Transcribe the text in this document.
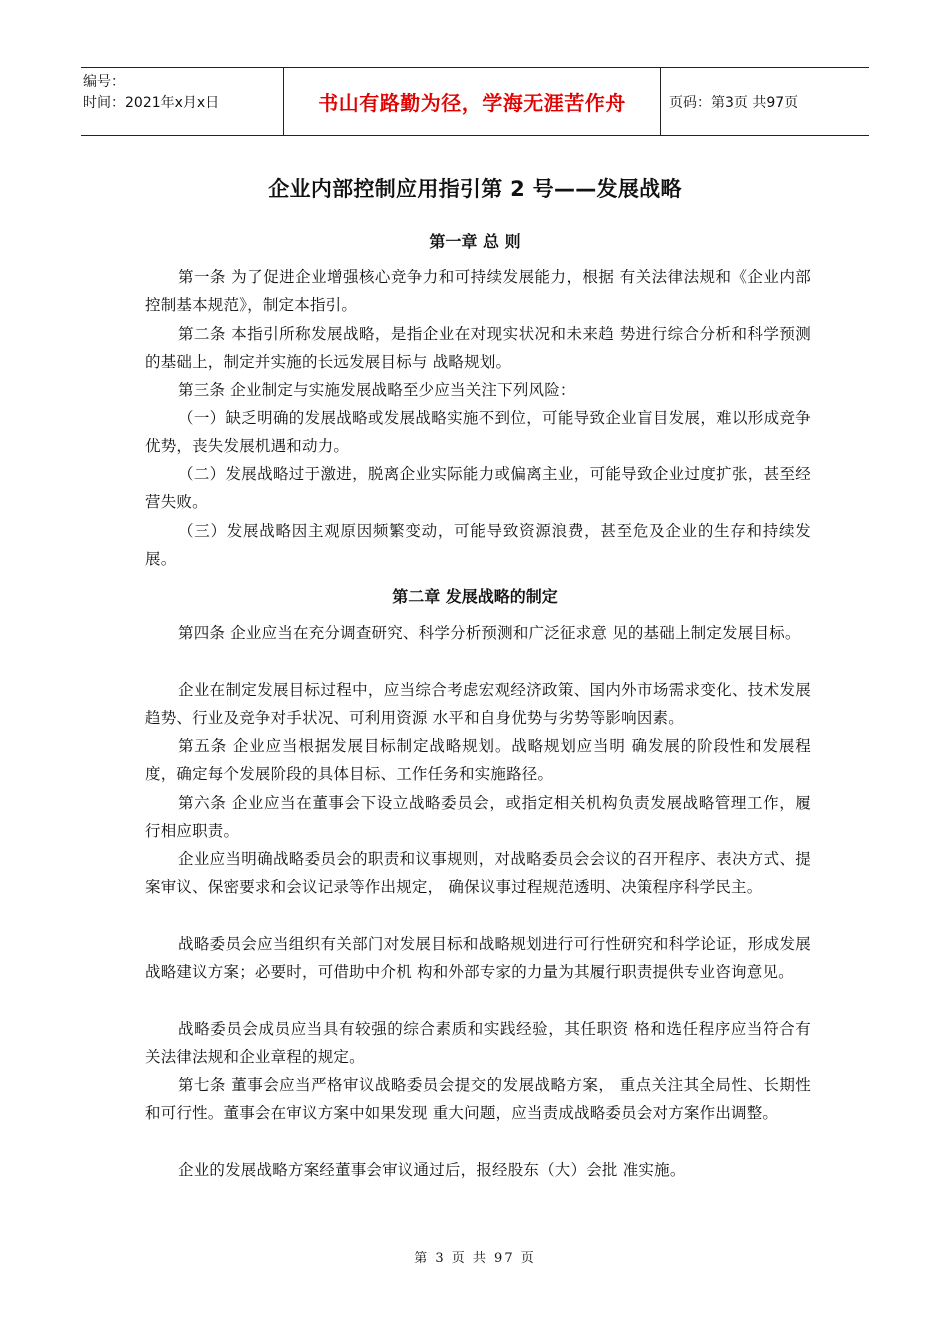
编号：
时间：2021年x月x日	书山有路勤为径，学海无涯苦作舟	页码：第3页 共97页
企业内部控制应用指引第 2 号——发展战略
第一章 总 则
第一条 为了促进企业增强核心竞争力和可持续发展能力，根据 有关法律法规和《企业内部控制基本规范》，制定本指引。
第二条 本指引所称发展战略，是指企业在对现实状况和未来趋 势进行综合分析和科学预测的基础上，制定并实施的长远发展目标与 战略规划。
第三条 企业制定与实施发展战略至少应当关注下列风险：
（一）缺乏明确的发展战略或发展战略实施不到位，可能导致企业盲目发展，难以形成竞争优势，丧失发展机遇和动力。
（二）发展战略过于激进，脱离企业实际能力或偏离主业，可能导致企业过度扩张，甚至经营失败。
（三）发展战略因主观原因频繁变动，可能导致资源浪费，甚至危及企业的生存和持续发展。
第二章 发展战略的制定
第四条 企业应当在充分调查研究、科学分析预测和广泛征求意 见的基础上制定发展目标。
企业在制定发展目标过程中，应当综合考虑宏观经济政策、国内外市场需求变化、技术发展趋势、行业及竞争对手状况、可利用资源 水平和自身优势与劣势等影响因素。
第五条 企业应当根据发展目标制定战略规划。战略规划应当明 确发展的阶段性和发展程度，确定每个发展阶段的具体目标、工作任务和实施路径。
第六条 企业应当在董事会下设立战略委员会，或指定相关机构负责发展战略管理工作，履行相应职责。
企业应当明确战略委员会的职责和议事规则，对战略委员会会议的召开程序、表决方式、提案审议、保密要求和会议记录等作出规定， 确保议事过程规范透明、决策程序科学民主。
战略委员会应当组织有关部门对发展目标和战略规划进行可行性研究和科学论证，形成发展战略建议方案；必要时，可借助中介机 构和外部专家的力量为其履行职责提供专业咨询意见。
战略委员会成员应当具有较强的综合素质和实践经验，其任职资 格和选任程序应当符合有关法律法规和企业章程的规定。
第七条 董事会应当严格审议战略委员会提交的发展战略方案， 重点关注其全局性、长期性和可行性。董事会在审议方案中如果发现 重大问题，应当责成战略委员会对方案作出调整。
企业的发展战略方案经董事会审议通过后，报经股东（大）会批 准实施。
第 3 页 共 97 页
